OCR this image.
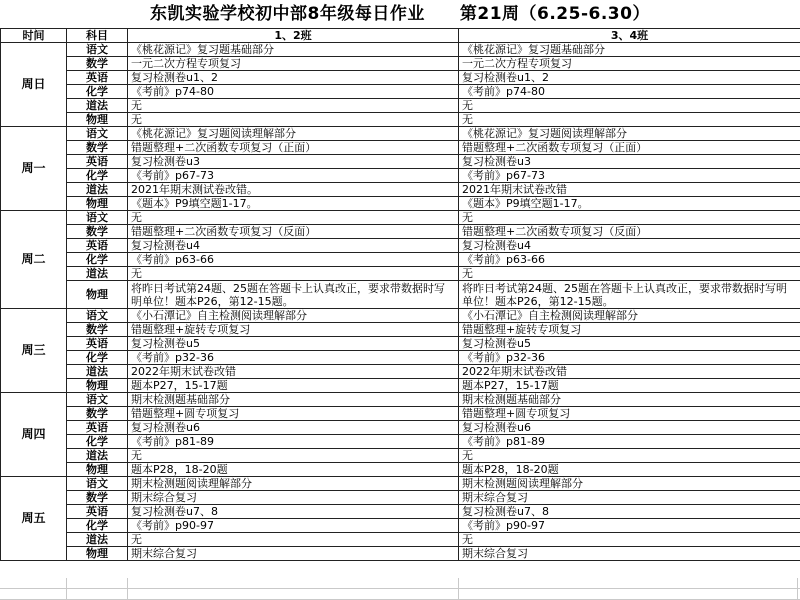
东凯实验学校初中部8年级每日作业　　第21周（6.25-6.30）
时间	科目	1、2班	3、4班
周日	语文	《桃花源记》复习题基础部分	《桃花源记》复习题基础部分
	数学	一元二次方程专项复习	一元二次方程专项复习
	英语	复习检测卷u1、2	复习检测卷u1、2
	化学	《考前》p74-80	《考前》p74-80
	道法	无	无
	物理	无	无
周一	语文	《桃花源记》复习题阅读理解部分	《桃花源记》复习题阅读理解部分
	数学	错题整理+二次函数专项复习（正面）	错题整理+二次函数专项复习（正面）
	英语	复习检测卷u3	复习检测卷u3
	化学	《考前》p67-73	《考前》p67-73
	道法	2021年期末测试卷改错。	2021年期末试卷改错
	物理	《题本》P9填空题1-17。	《题本》P9填空题1-17。
周二	语文	无	无
	数学	错题整理+二次函数专项复习（反面）	错题整理+二次函数专项复习（反面）
	英语	复习检测卷u4	复习检测卷u4
	化学	《考前》p63-66	《考前》p63-66
	道法	无	无
	物理	将昨日考试第24题、25题在答题卡上认真改正，要求带数据时写明单位！题本P26，第12-15题。	将昨日考试第24题、25题在答题卡上认真改正，要求带数据时写明单位！题本P26，第12-15题。
周三	语文	《小石潭记》自主检测阅读理解部分	《小石潭记》自主检测阅读理解部分
	数学	错题整理+旋转专项复习	错题整理+旋转专项复习
	英语	复习检测卷u5	复习检测卷u5
	化学	《考前》p32-36	《考前》p32-36
	道法	2022年期末试卷改错	2022年期末试卷改错
	物理	题本P27，15-17题	题本P27，15-17题
周四	语文	期末检测题基础部分	期末检测题基础部分
	数学	错题整理+圆专项复习	错题整理+圆专项复习
	英语	复习检测卷u6	复习检测卷u6
	化学	《考前》p81-89	《考前》p81-89
	道法	无	无
	物理	题本P28，18-20题	题本P28，18-20题
周五	语文	期末检测题阅读理解部分	期末检测题阅读理解部分
	数学	期末综合复习	期末综合复习
	英语	复习检测卷u7、8	复习检测卷u7、8
	化学	《考前》p90-97	《考前》p90-97
	道法	无	无
	物理	期末综合复习	期末综合复习
